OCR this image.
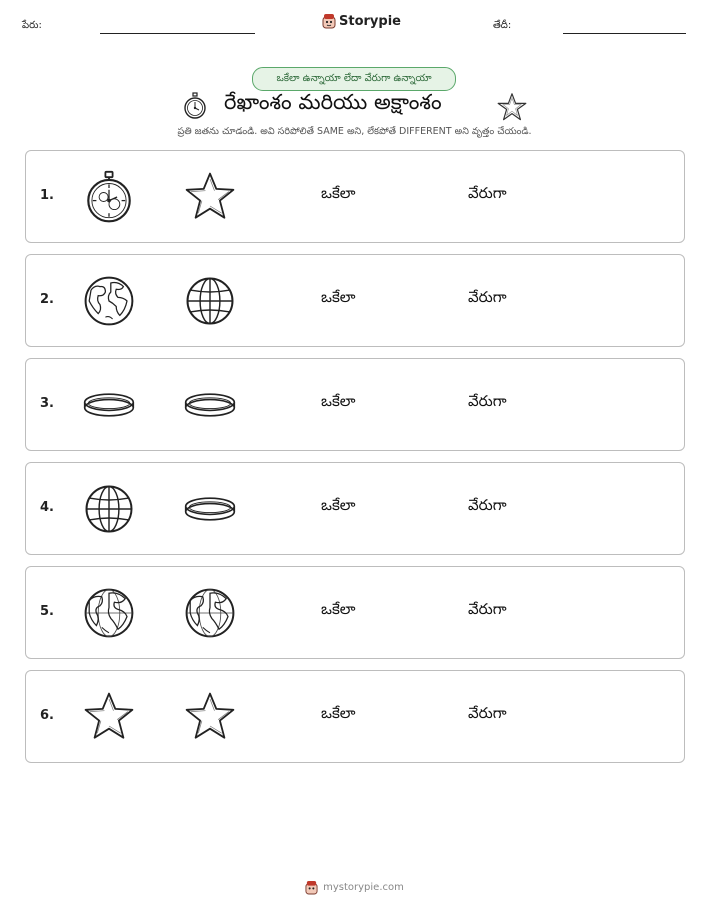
పేరు:	Storypie	తేదీ:
ఒకేలా ఉన్నాయా లేదా వేరుగా ఉన్నాయా
రేఖాంశం మరియు అక్షాంశం
ప్రతి జతను చూడండి. అవి సరిపోలితే SAME అని, లేకపోతే DIFFERENT అని వృత్తం చేయండి.
1.	ఒకేలా	వేరుగా
2.	ఒకేలా	వేరుగా
3.	ఒకేలా	వేరుగా
4.	ఒకేలా	వేరుగా
5.	ఒకేలా	వేరుగా
6.	ఒకేలా	వేరుగా
mystorypie.com
